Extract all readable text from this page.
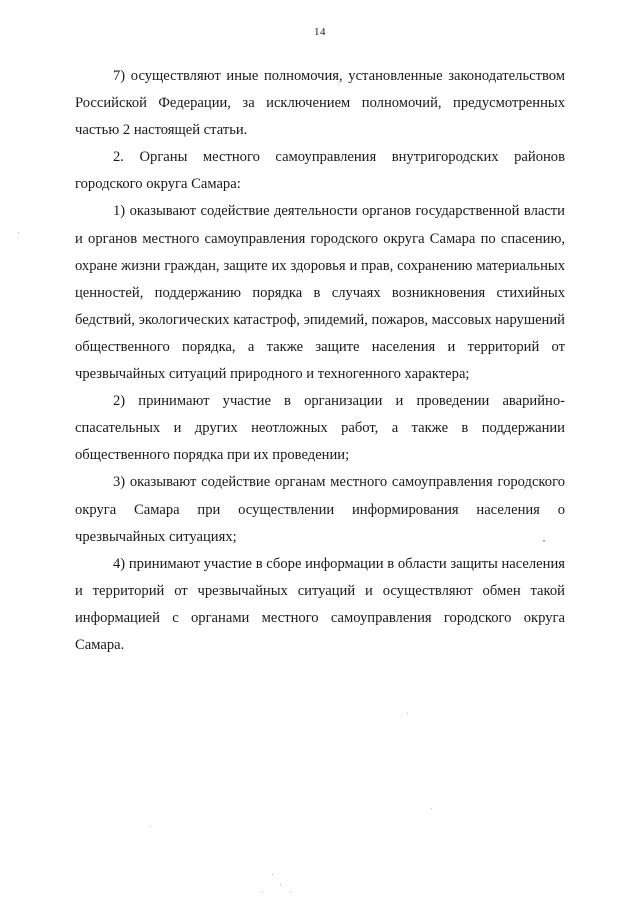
14

7) осуществляют иные полномочия, установленные законодательством Российской Федерации, за исключением полномочий, предусмотренных частью 2 настоящей статьи.

2. Органы местного самоуправления внутригородских районов городского округа Самара:

1) оказывают содействие деятельности органов государственной власти и органов местного самоуправления городского округа Самара по спасению, охране жизни граждан, защите их здоровья и прав, сохранению материальных ценностей, поддержанию порядка в случаях возникновения стихийных бедствий, экологических катастроф, эпидемий, пожаров, массовых нарушений общественного порядка, а также защите населения и территорий от чрезвычайных ситуаций природного и техногенного характера;

2) принимают участие в организации и проведении аварийно-спасательных и других неотложных работ, а также в поддержании общественного порядка при их проведении;

3) оказывают содействие органам местного самоуправления городского округа Самара при осуществлении информирования населения о чрезвычайных ситуациях;

4) принимают участие в сборе информации в области защиты населения и территорий от чрезвычайных ситуаций и осуществляют обмен такой информацией с органами местного самоуправления городского округа Самара.
